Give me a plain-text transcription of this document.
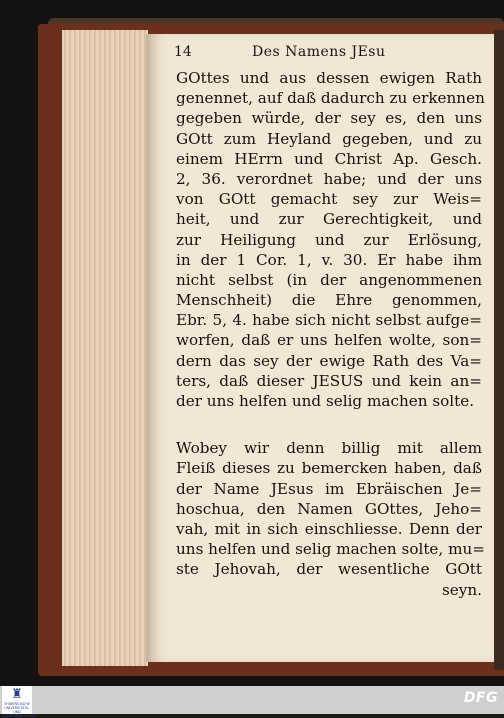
14	Des Namens JEsu
GOttes und aus dessen ewigen Rath
genennet, auf daß dadurch zu erkennen
gegeben würde, der sey es, den uns
GOtt zum Heyland gegeben, und zu
einem HErrn und Christ Ap. Gesch.
2, 36. verordnet habe; und der uns
von GOtt gemacht sey zur Weis=
heit, und zur Gerechtigkeit, und
zur Heiligung und zur Erlösung,
in der 1 Cor. 1, v. 30. Er habe ihm
nicht selbst (in der angenommenen
Menschheit) die Ehre genommen,
Ebr. 5, 4. habe sich nicht selbst aufge=
worfen, daß er uns helfen wolte, son=
dern das sey der ewige Rath des Va=
ters, daß dieser JESUS und kein an=
der uns helfen und selig machen solte.
Wobey wir denn billig mit allem
Fleiß dieses zu bemercken haben, daß
der Name JEsus im Ebräischen Je=
hoschua, den Namen GOttes, Jeho=
vah, mit in sich einschliesse. Denn der
uns helfen und selig machen solte, mu=
ste Jehovah, der wesentliche GOtt
seyn.
♜
THÜRINGISCHE UNIVERSITÄTS- UND LANDESBIBLIOTHEK
DFG
